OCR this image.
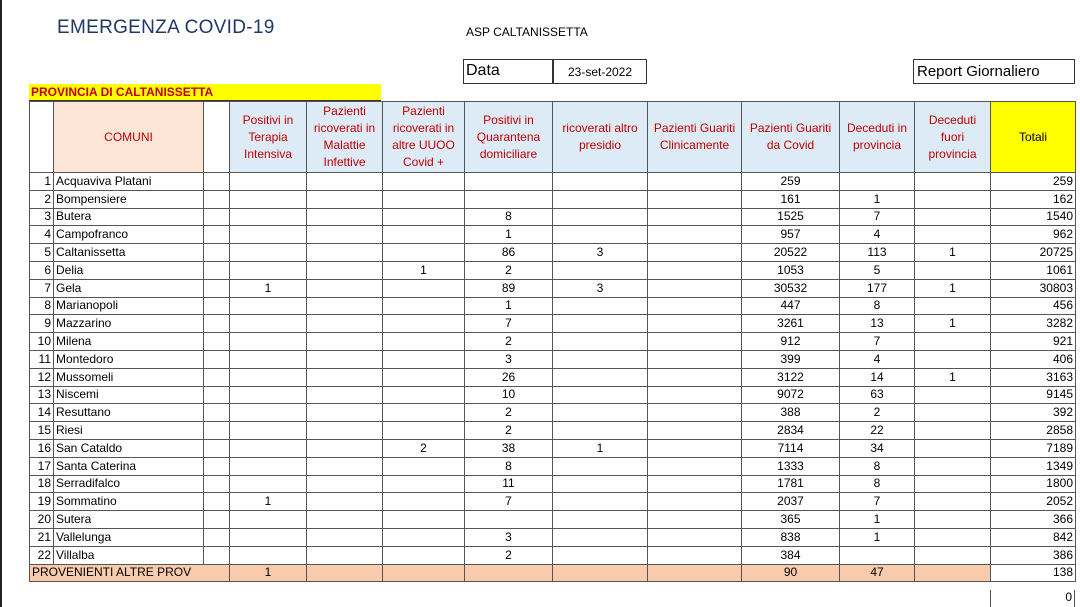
EMERGENZA COVID-19	ASP CALTANISSETTA
Data	23-set-2022	Report Giornaliero
PROVINCIA DI CALTANISSETTA
	COMUNI		Positivi in Terapia Intensiva	Pazienti ricoverati in Malattie Infettive	Pazienti ricoverati in altre UUOO Covid +	Positivi in Quarantena domiciliare	ricoverati altro presidio	Pazienti Guariti Clinicamente	Pazienti Guariti da Covid	Deceduti in provincia	Deceduti fuori provincia	Totali
1	Acquaviva Platani								259			259
2	Bompensiere								161	1		162
3	Butera					8			1525	7		1540
4	Campofranco					1			957	4		962
5	Caltanissetta					86	3		20522	113	1	20725
6	Delia				1	2			1053	5		1061
7	Gela		1			89	3		30532	177	1	30803
8	Marianopoli					1			447	8		456
9	Mazzarino					7			3261	13	1	3282
10	Milena					2			912	7		921
11	Montedoro					3			399	4		406
12	Mussomeli					26			3122	14	1	3163
13	Niscemi					10			9072	63		9145
14	Resuttano					2			388	2		392
15	Riesi					2			2834	22		2858
16	San Cataldo				2	38	1		7114	34		7189
17	Santa Caterina					8			1333	8		1349
18	Serradifalco					11			1781	8		1800
19	Sommatino		1			7			2037	7		2052
20	Sutera								365	1		366
21	Vallelunga					3			838	1		842
22	Villalba					2			384			386
PROVENIENTI ALTRE PROV			1						90	47		138
0
